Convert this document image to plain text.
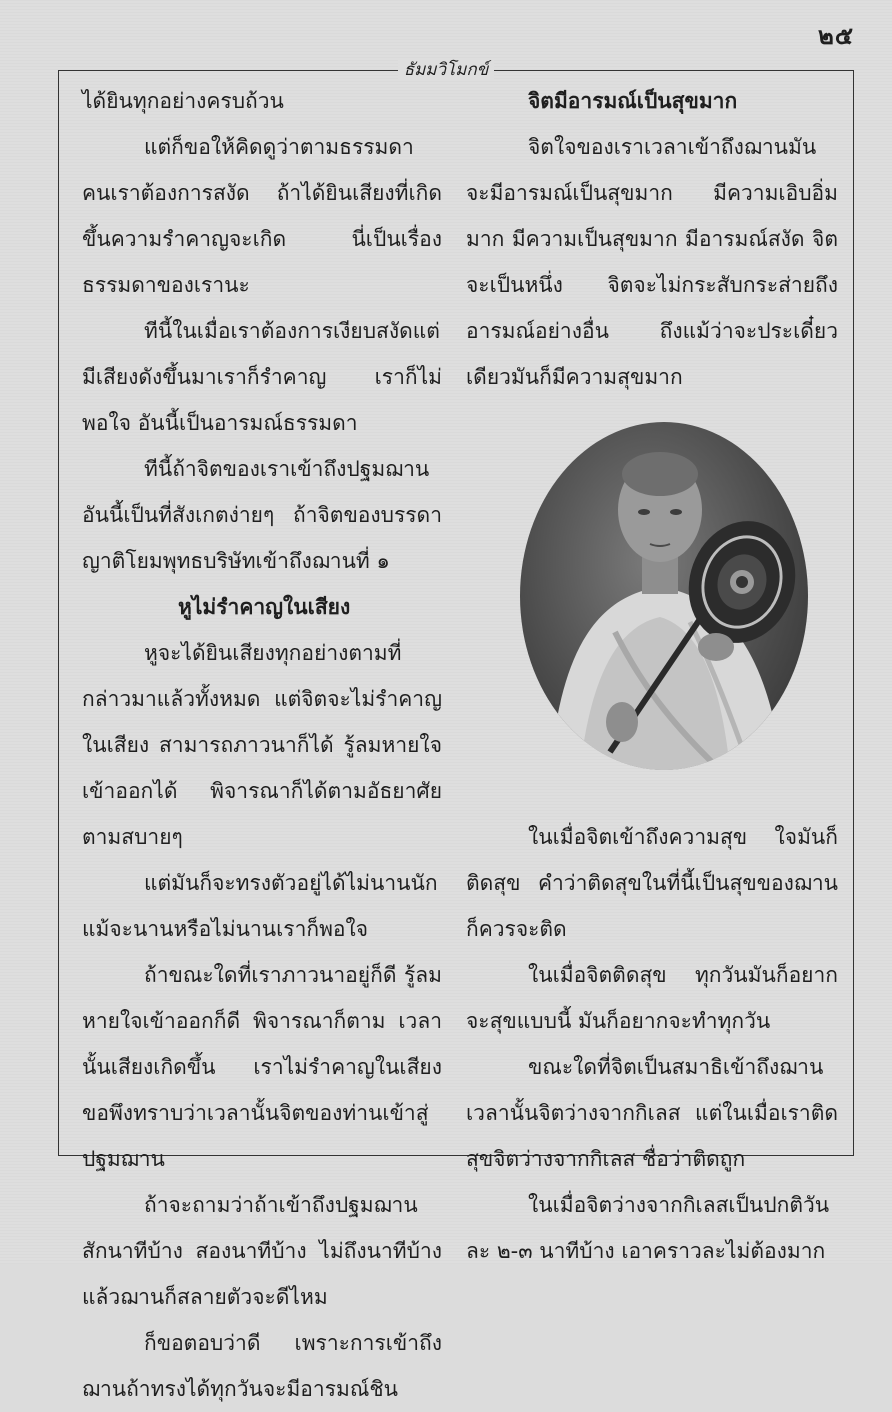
๒๕
ธัมมวิโมกข์

ได้ยินทุกอย่างครบถ้วน

แต่ก็ขอให้คิดดูว่าตามธรรมดาคนเราต้องการสงัด ถ้าได้ยินเสียงที่เกิดขึ้นความรำคาญจะเกิด นี่เป็นเรื่องธรรมดาของเรานะ

ทีนี้ในเมื่อเราต้องการเงียบสงัดแต่มีเสียงดังขึ้นมาเราก็รำคาญ เราก็ไม่พอใจ อันนี้เป็นอารมณ์ธรรมดา

ทีนี้ถ้าจิตของเราเข้าถึงปฐมฌาน อันนี้เป็นที่สังเกตง่ายๆ ถ้าจิตของบรรดาญาติโยมพุทธบริษัทเข้าถึงฌานที่ ๑

หูไม่รำคาญในเสียง

หูจะได้ยินเสียงทุกอย่างตามที่กล่าวมาแล้วทั้งหมด แต่จิตจะไม่รำคาญในเสียง สามารถภาวนาก็ได้ รู้ลมหายใจเข้าออกได้ พิจารณาก็ได้ตามอัธยาศัย ตามสบายๆ

แต่มันก็จะทรงตัวอยู่ได้ไม่นานนัก แม้จะนานหรือไม่นานเราก็พอใจ

ถ้าขณะใดที่เราภาวนาอยู่ก็ดี รู้ลมหายใจเข้าออกก็ดี พิจารณาก็ตาม เวลานั้นเสียงเกิดขึ้น เราไม่รำคาญในเสียง ขอพึงทราบว่าเวลานั้นจิตของท่านเข้าสู่ปฐมฌาน

ถ้าจะถามว่าถ้าเข้าถึงปฐมฌานสักนาทีบ้าง สองนาทีบ้าง ไม่ถึงนาทีบ้างแล้วฌานก็สลายตัวจะดีไหม

ก็ขอตอบว่าดี เพราะการเข้าถึงฌานถ้าทรงได้ทุกวันจะมีอารมณ์ชิน

จิตมีอารมณ์เป็นสุขมาก

จิตใจของเราเวลาเข้าถึงฌานมันจะมีอารมณ์เป็นสุขมาก มีความเอิบอิ่มมาก มีความเป็นสุขมาก มีอารมณ์สงัด จิตจะเป็นหนึ่ง จิตจะไม่กระสับกระส่ายถึงอารมณ์อย่างอื่น ถึงแม้ว่าจะประเดี๋ยวเดียวมันก็มีความสุขมาก

ในเมื่อจิตเข้าถึงความสุข ใจมันก็ติดสุข คำว่าติดสุขในที่นี้เป็นสุขของฌาน ก็ควรจะติด

ในเมื่อจิตติดสุข ทุกวันมันก็อยากจะสุขแบบนี้ มันก็อยากจะทำทุกวัน

ขณะใดที่จิตเป็นสมาธิเข้าถึงฌานเวลานั้นจิตว่างจากกิเลส แต่ในเมื่อเราติดสุขจิตว่างจากกิเลส ชื่อว่าติดถูก

ในเมื่อจิตว่างจากกิเลสเป็นปกติวันละ ๒-๓ นาทีบ้าง เอาคราวละไม่ต้องมาก
